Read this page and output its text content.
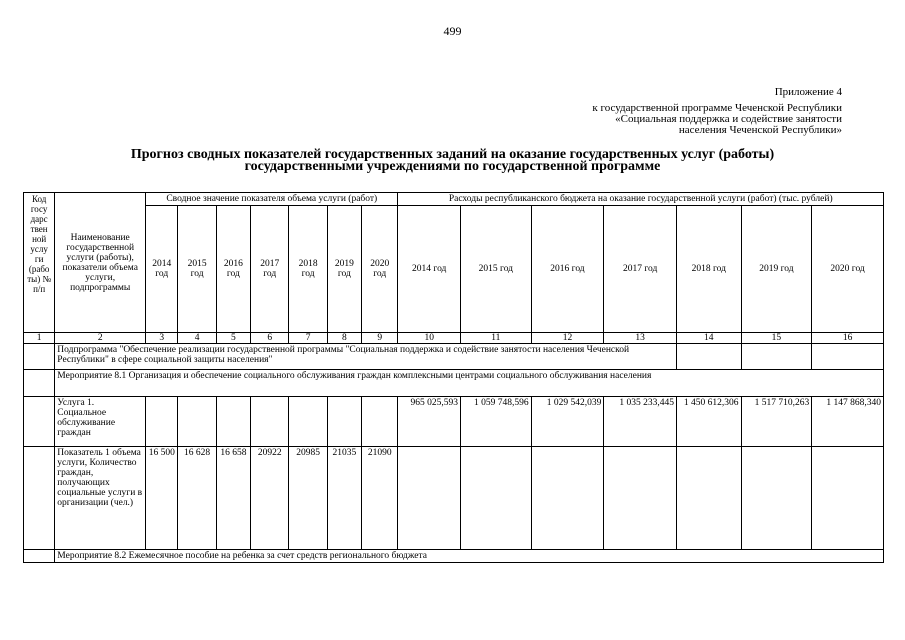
499
Приложение 4
к государственной программе Чеченской Республики
«Социальная поддержка и содействие занятости
населения Чеченской Республики»
Прогноз сводных показателей государственных заданий на оказание государственных услуг (работы)
государственными учреждениями по государственной программе
Код госу дарс твен ной услу ги (рабо ты) № п/п	Наименование государственной услуги (работы), показатели объема услуги, подпрограммы	Сводное значение показателя объема услуги (работ)							Расходы республиканского бюджета на оказание государственной услуги (работ) (тыс. рублей)						
		2014 год	2015 год	2016 год	2017 год	2018 год	2019 год	2020 год	2014 год	2015 год	2016 год	2017 год	2018 год	2019 год	2020 год
1	2	3	4	5	6	7	8	9	10	11	12	13	14	15	16
	Подпрограмма "Обеспечение реализации государственной программы "Социальная поддержка и содействие занятости населения Чеченской Республики" в сфере социальной защиты населения"														
	Мероприятие 8.1 Организация и обеспечение социального обслуживания граждан комплексными центрами социального обслуживания населения														
	Услуга 1. Социальное обслуживание граждан								965 025,593	1 059 748,596	1 029 542,039	1 035 233,445	1 450 612,306	1 517 710,263	1 147 868,340
	Показатель 1 объема услуги, Количество граждан, получающих социальные услуги в организации (чел.)	16 500	16 628	16 658	20922	20985	21035	21090							
	Мероприятие 8.2 Ежемесячное пособие на ребенка за счет средств регионального бюджета														
